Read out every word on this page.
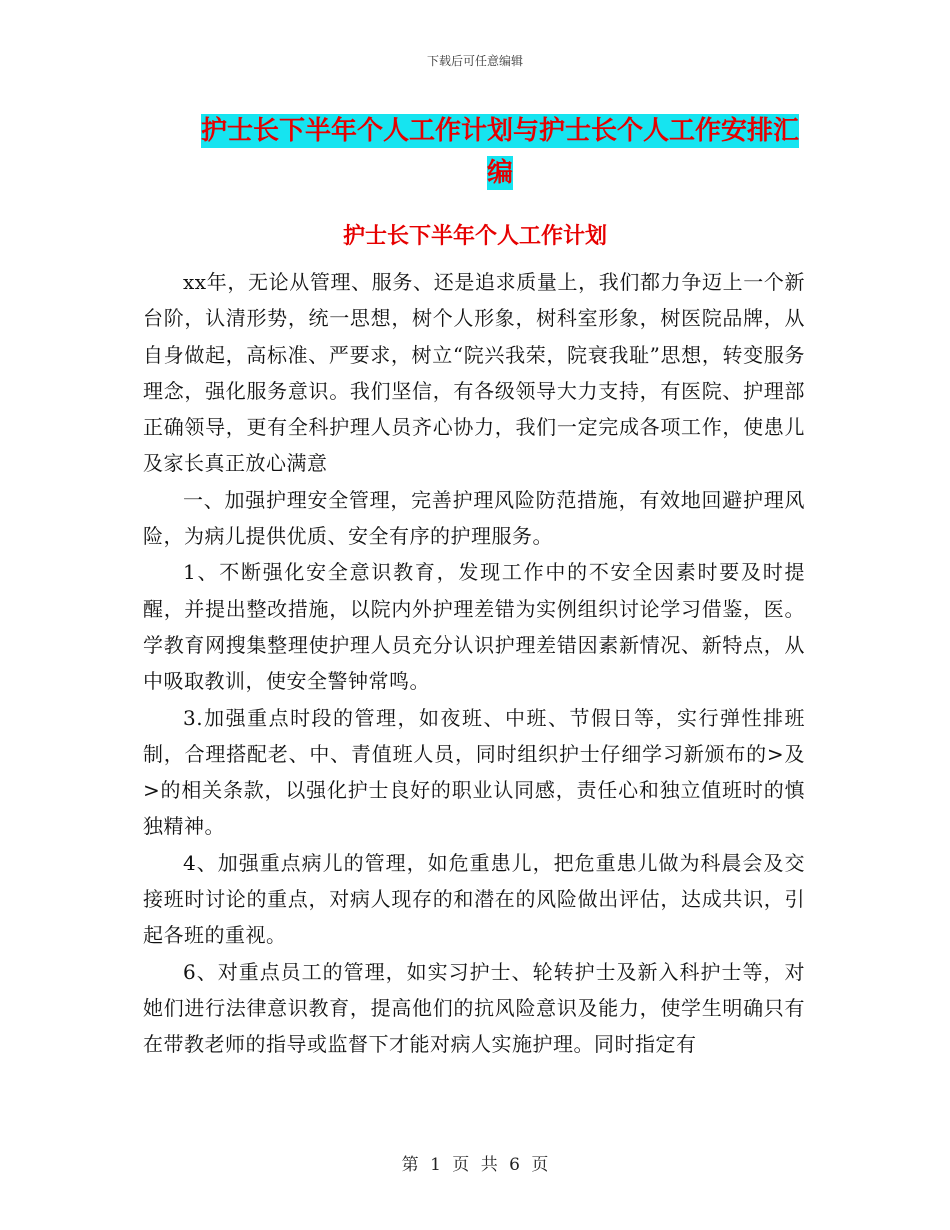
下载后可任意编辑
护士长下半年个人工作计划与护士长个人工作安排汇编
护士长下半年个人工作计划

xx年，无论从管理、服务、还是追求质量上，我们都力争迈上一个新台阶，认清形势，统一思想，树个人形象，树科室形象，树医院品牌，从自身做起，高标准、严要求，树立“院兴我荣，院衰我耻”思想，转变服务理念，强化服务意识。我们坚信，有各级领导大力支持，有医院、护理部正确领导，更有全科护理人员齐心协力，我们一定完成各项工作，使患儿及家长真正放心满意

一、加强护理安全管理，完善护理风险防范措施，有效地回避护理风险，为病儿提供优质、安全有序的护理服务。

1、不断强化安全意识教育，发现工作中的不安全因素时要及时提醒，并提出整改措施，以院内外护理差错为实例组织讨论学习借鉴，医。学教育网搜集整理使护理人员充分认识护理差错因素新情况、新特点，从中吸取教训，使安全警钟常鸣。

3.加强重点时段的管理，如夜班、中班、节假日等，实行弹性排班制，合理搭配老、中、青值班人员，同时组织护士仔细学习新颁布的>及>的相关条款，以强化护士良好的职业认同感，责任心和独立值班时的慎独精神。

4、加强重点病儿的管理，如危重患儿，把危重患儿做为科晨会及交接班时讨论的重点，对病人现存的和潜在的风险做出评估，达成共识，引起各班的重视。

6、对重点员工的管理，如实习护士、轮转护士及新入科护士等，对她们进行法律意识教育，提高他们的抗风险意识及能力，使学生明确只有在带教老师的指导或监督下才能对病人实施护理。同时指定有

第 1 页 共 6 页
